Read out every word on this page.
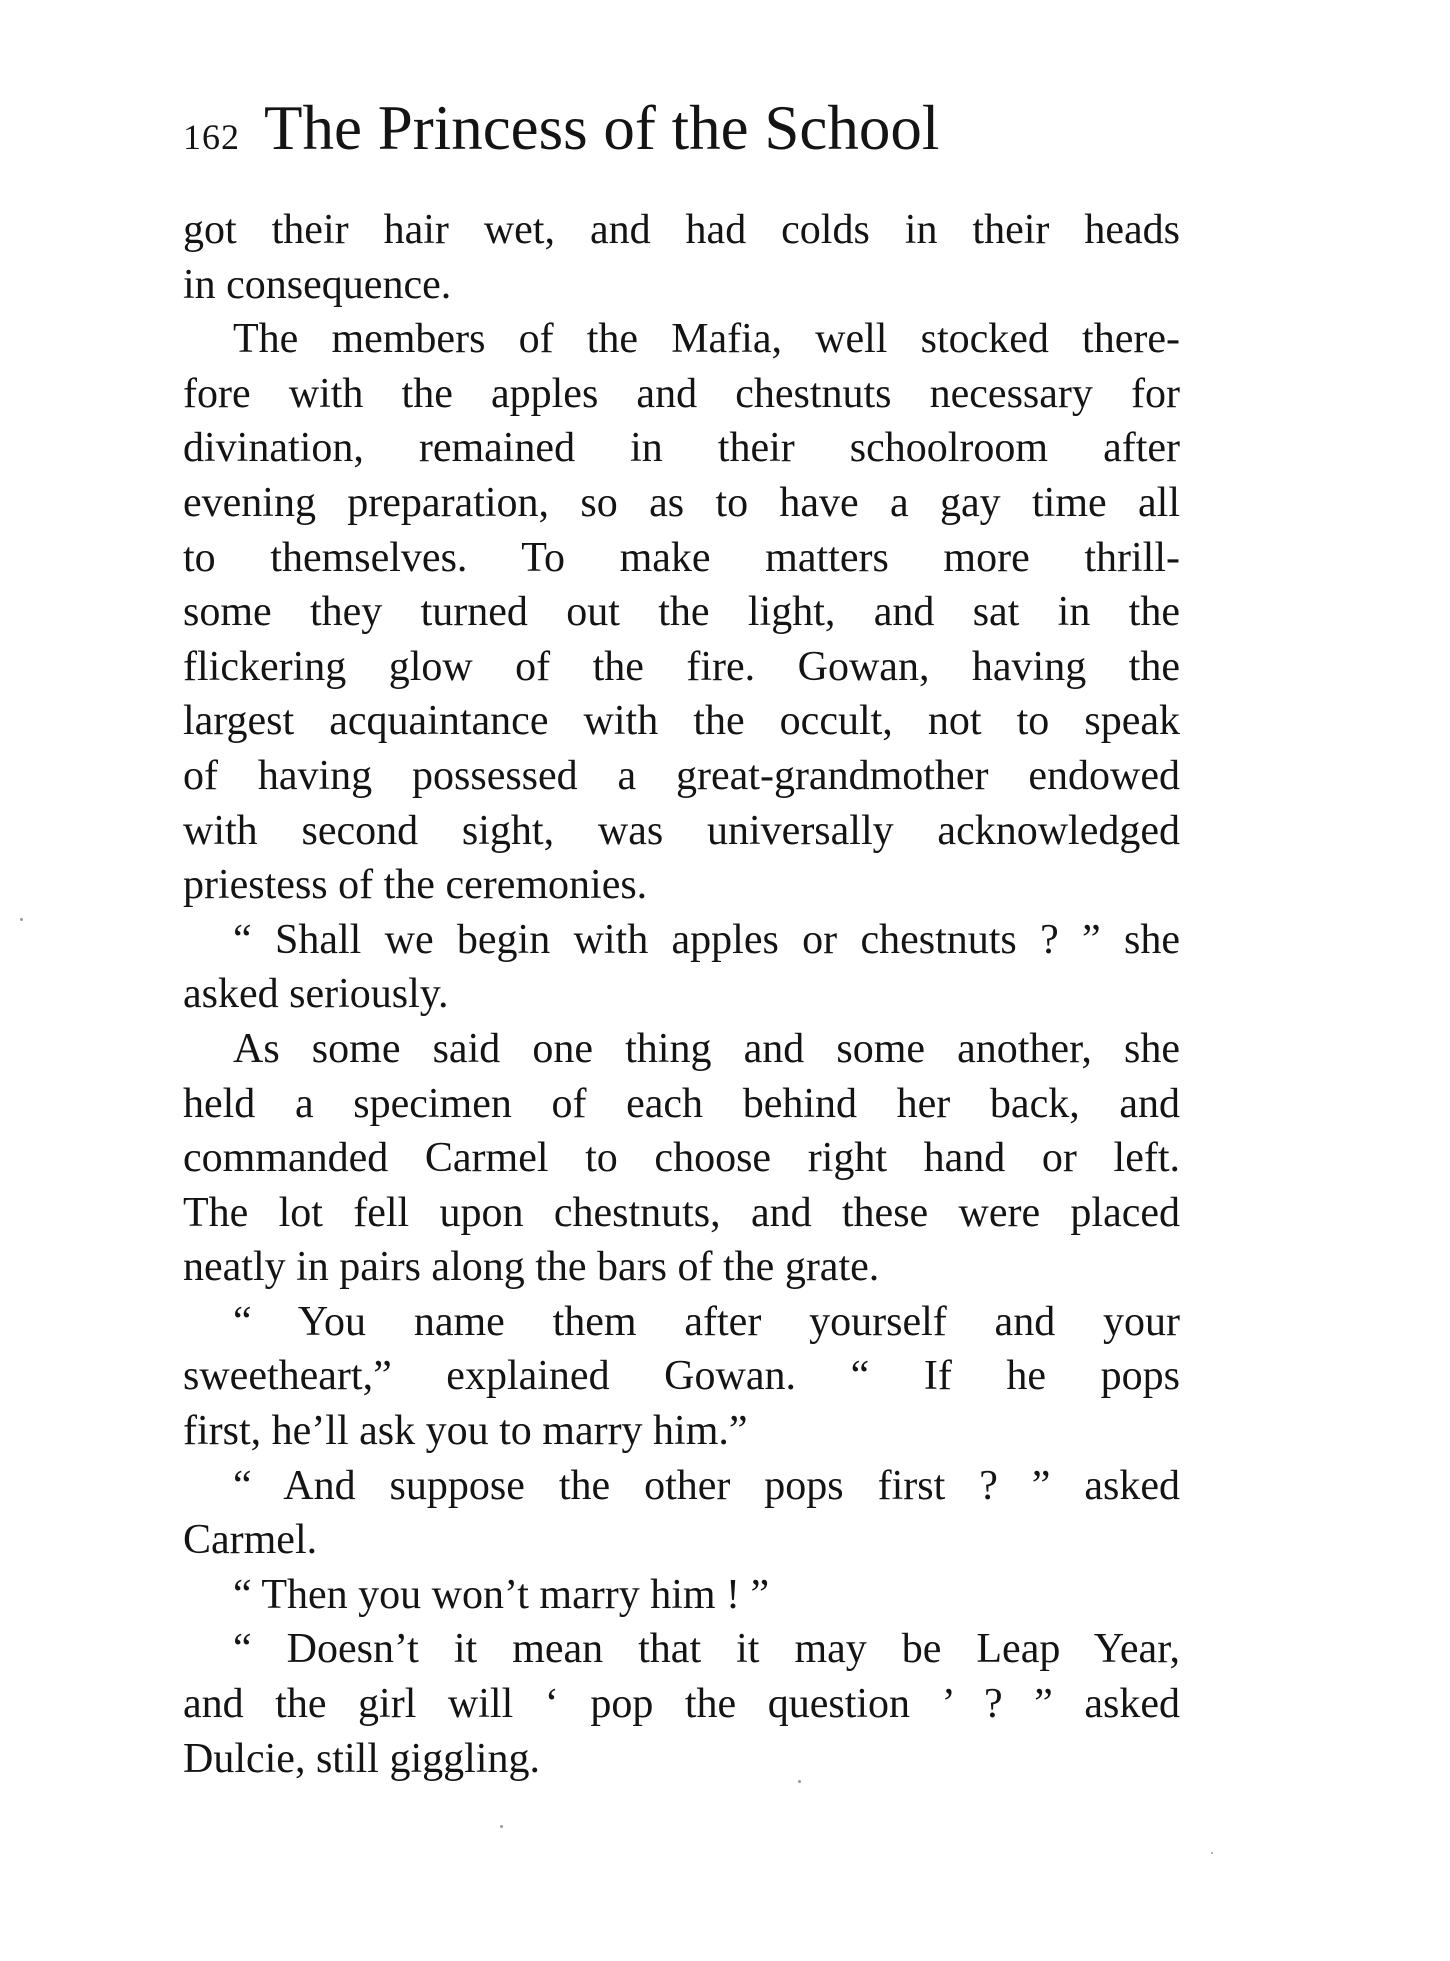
162 The Princess of the School
got their hair wet, and had colds in their heads
in consequence.
The members of the Mafia, well stocked there-
fore with the apples and chestnuts necessary for
divination, remained in their schoolroom after
evening preparation, so as to have a gay time all
to themselves. To make matters more thrill-
some they turned out the light, and sat in the
flickering glow of the fire. Gowan, having the
largest acquaintance with the occult, not to speak
of having possessed a great-grandmother endowed
with second sight, was universally acknowledged
priestess of the ceremonies.
“ Shall we begin with apples or chestnuts ? ” she
asked seriously.
As some said one thing and some another, she
held a specimen of each behind her back, and
commanded Carmel to choose right hand or left.
The lot fell upon chestnuts, and these were placed
neatly in pairs along the bars of the grate.
“ You name them after yourself and your
sweetheart,” explained Gowan. “ If he pops
first, he’ll ask you to marry him.”
“ And suppose the other pops first ? ” asked
Carmel.
“ Then you won’t marry him ! ”
“ Doesn’t it mean that it may be Leap Year,
and the girl will ‘ pop the question ’ ? ” asked
Dulcie, still giggling.
